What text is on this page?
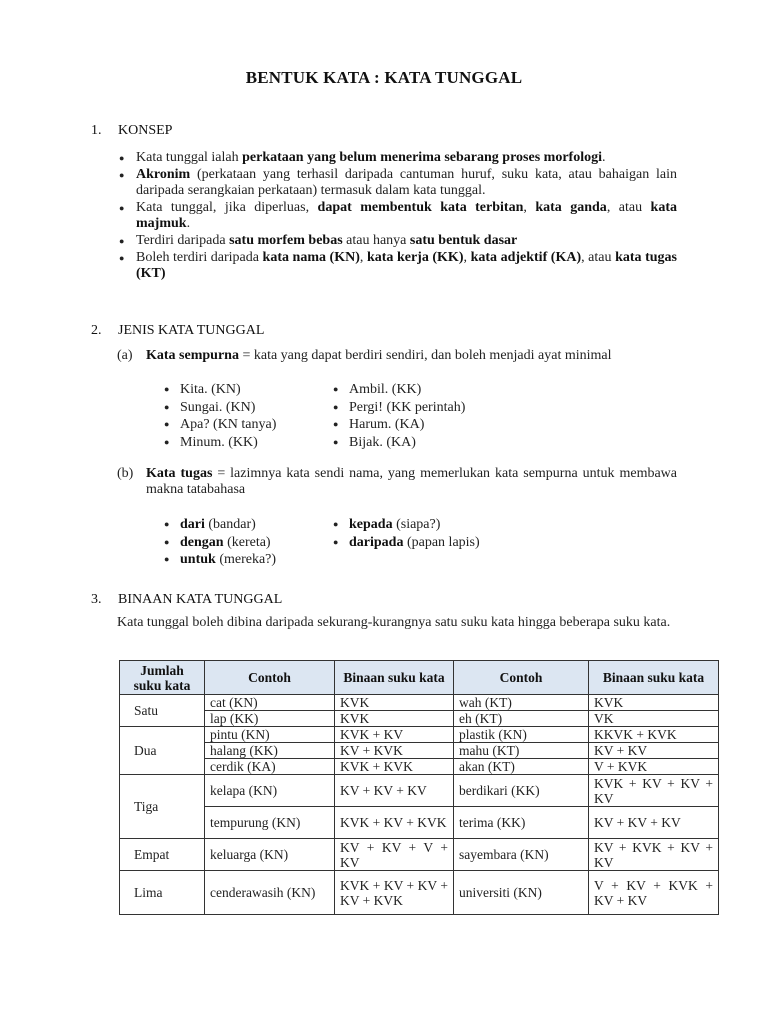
BENTUK KATA : KATA TUNGGAL
1. KONSEP
● Kata tunggal ialah perkataan yang belum menerima sebarang proses morfologi.
● Akronim (perkataan yang terhasil daripada cantuman huruf, suku kata, atau bahaigan lain daripada serangkaian perkataan) termasuk dalam kata tunggal.
● Kata tunggal, jika diperluas, dapat membentuk kata terbitan, kata ganda, atau kata majmuk.
● Terdiri daripada satu morfem bebas atau hanya satu bentuk dasar
● Boleh terdiri daripada kata nama (KN), kata kerja (KK), kata adjektif (KA), atau kata tugas (KT)
2. JENIS KATA TUNGGAL
(a) Kata sempurna = kata yang dapat berdiri sendiri, dan boleh menjadi ayat minimal
● Kita. (KN)
● Sungai. (KN)
● Apa? (KN tanya)
● Minum. (KK)
● Ambil. (KK)
● Pergi! (KK perintah)
● Harum. (KA)
● Bijak. (KA)
(b) Kata tugas = lazimnya kata sendi nama, yang memerlukan kata sempurna untuk membawa makna tatabahasa
● dari (bandar)
● dengan (kereta)
● untuk (mereka?)
● kepada (siapa?)
● daripada (papan lapis)
3. BINAAN KATA TUNGGAL
Kata tunggal boleh dibina daripada sekurang-kurangnya satu suku kata hingga beberapa suku kata.
Jumlah suku kata	Contoh	Binaan suku kata	Contoh	Binaan suku kata
Satu	cat (KN)	KVK	wah (KT)	KVK
	lap (KK)	KVK	eh (KT)	VK
Dua	pintu (KN)	KVK + KV	plastik (KN)	KKVK + KVK
	halang (KK)	KV + KVK	mahu (KT)	KV + KV
	cerdik (KA)	KVK + KVK	akan (KT)	V + KVK
Tiga	kelapa (KN)	KV + KV + KV	berdikari (KK)	KVK + KV + KV + KV
	tempurung (KN)	KVK + KV + KVK	terima (KK)	KV + KV + KV
Empat	keluarga (KN)	KV + KV + V + KV	sayembara (KN)	KV + KVK + KV + KV
Lima	cenderawasih (KN)	KVK + KV + KV + KV + KVK	universiti (KN)	V + KV + KVK + KV + KV
